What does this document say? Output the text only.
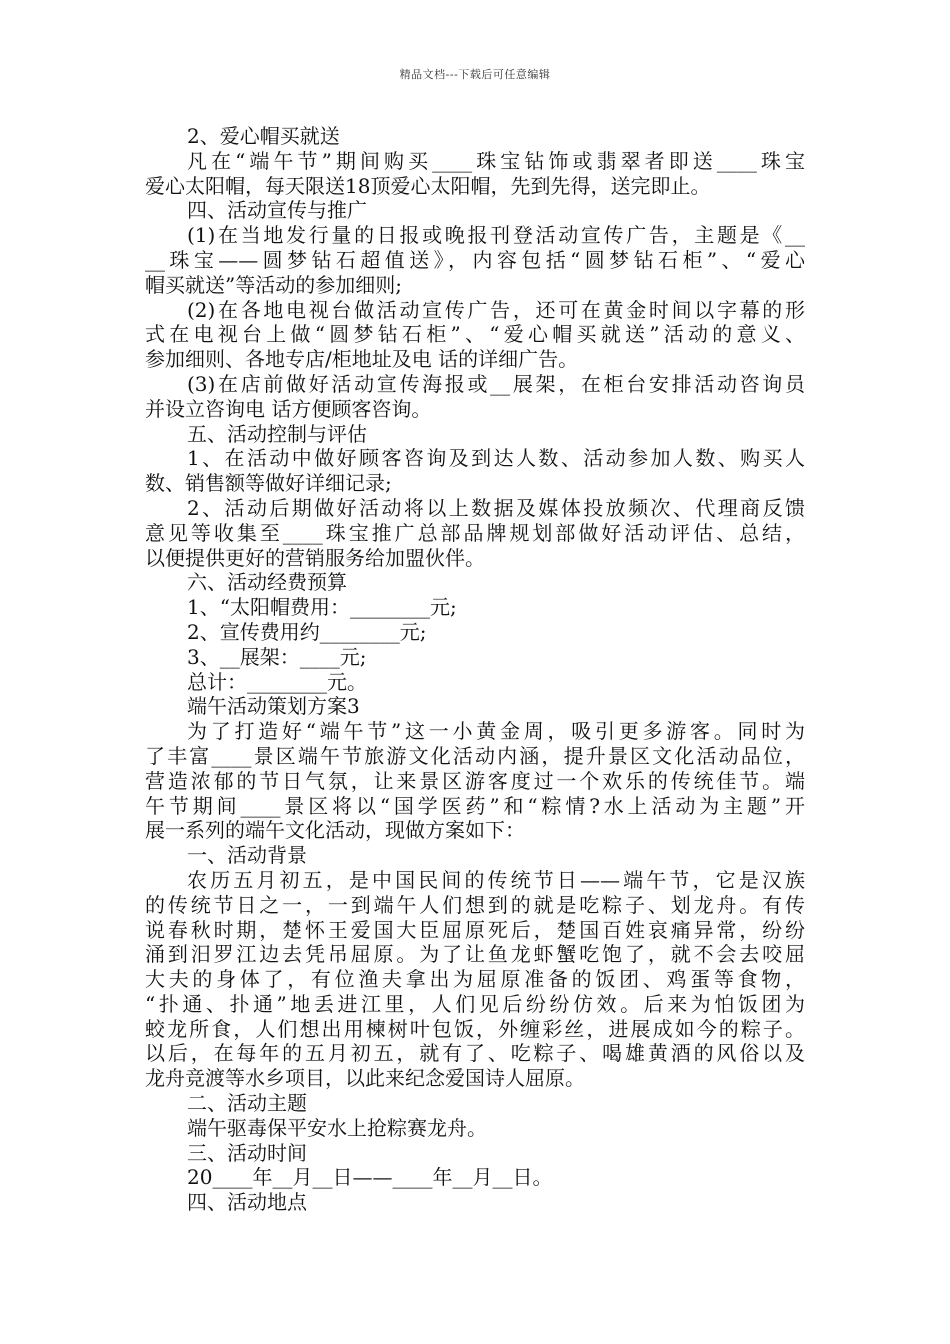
精品文档---下载后可任意编辑
2、爱心帽买就送
凡在“端午节”期间购买____珠宝钻饰或翡翠者即送____珠宝
爱心太阳帽，每天限送18顶爱心太阳帽，先到先得，送完即止。
四、活动宣传与推广
(1)在当地发行量的日报或晚报刊登活动宣传广告，主题是《__
__珠宝——圆梦钻石超值送》，内容包括“圆梦钻石柜”、“爱心
帽买就送”等活动的参加细则;
(2)在各地电视台做活动宣传广告，还可在黄金时间以字幕的形
式在电视台上做“圆梦钻石柜”、“爱心帽买就送”活动的意义、
参加细则、各地专店/柜地址及电 话的详细广告。
(3)在店前做好活动宣传海报或__展架，在柜台安排活动咨询员
并设立咨询电 话方便顾客咨询。
五、活动控制与评估
1、在活动中做好顾客咨询及到达人数、活动参加人数、购买人
数、销售额等做好详细记录;
2、活动后期做好活动将以上数据及媒体投放频次、代理商反馈
意见等收集至____珠宝推广总部品牌规划部做好活动评估、总结，
以便提供更好的营销服务给加盟伙伴。
六、活动经费预算
1、“太阳帽费用：________元;
2、宣传费用约________元;
3、__展架：____元;
总计：________元。
端午活动策划方案3
为了打造好“端午节”这一小黄金周，吸引更多游客。同时为
了丰富____景区端午节旅游文化活动内涵，提升景区文化活动品位，
营造浓郁的节日气氛，让来景区游客度过一个欢乐的传统佳节。端
午节期间____景区将以“国学医药”和“粽情?水上活动为主题”开
展一系列的端午文化活动，现做方案如下：
一、活动背景
农历五月初五，是中国民间的传统节日——端午节，它是汉族
的传统节日之一，一到端午人们想到的就是吃粽子、划龙舟。有传
说春秋时期，楚怀王爱国大臣屈原死后，楚国百姓哀痛异常，纷纷
涌到汨罗江边去凭吊屈原。为了让鱼龙虾蟹吃饱了，就不会去咬屈
大夫的身体了，有位渔夫拿出为屈原准备的饭团、鸡蛋等食物，
“扑通、扑通”地丢进江里，人们见后纷纷仿效。后来为怕饭团为
蛟龙所食，人们想出用楝树叶包饭，外缠彩丝，进展成如今的粽子。
以后，在每年的五月初五，就有了、吃粽子、喝雄黄酒的风俗以及
龙舟竞渡等水乡项目，以此来纪念爱国诗人屈原。
二、活动主题
端午驱毒保平安水上抢粽赛龙舟。
三、活动时间
20____年__月__日——____年__月__日。
四、活动地点
